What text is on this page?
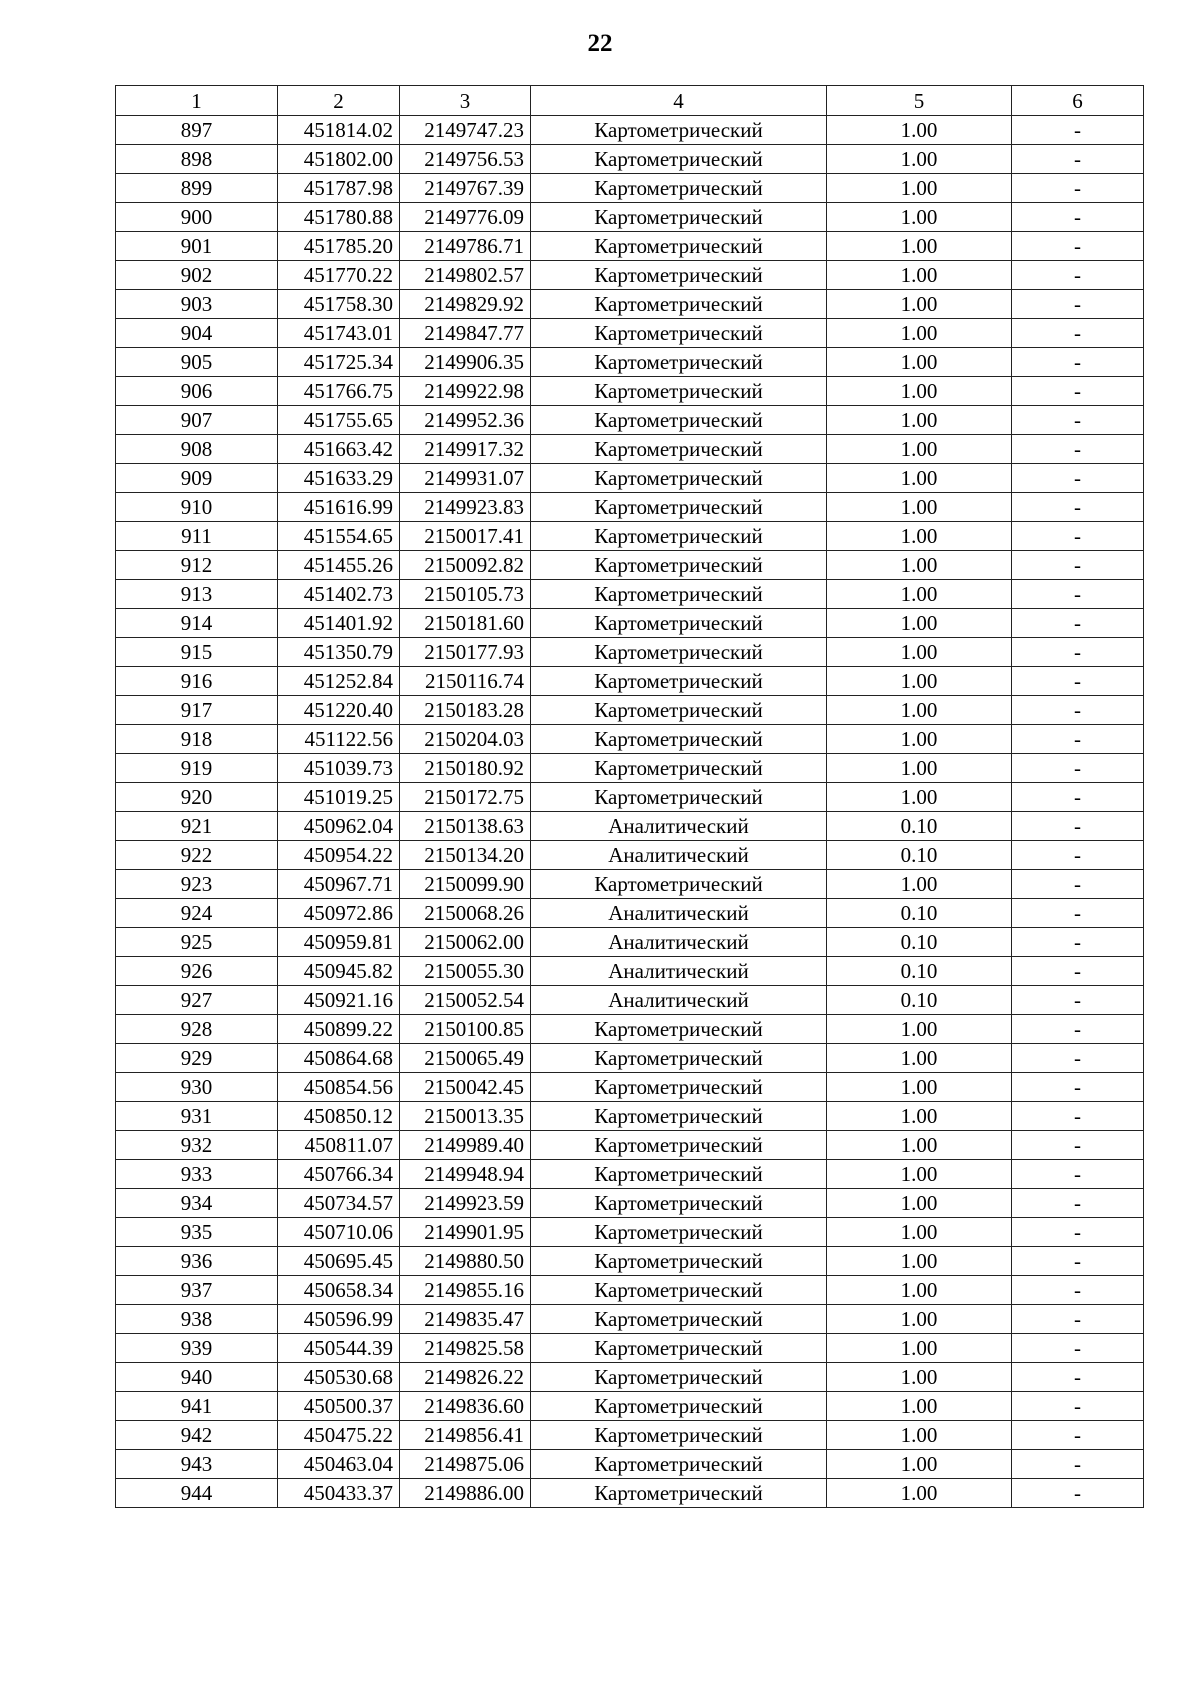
22
1	2	3	4	5	6
897	451814.02	2149747.23	Картометрический	1.00	-
898	451802.00	2149756.53	Картометрический	1.00	-
899	451787.98	2149767.39	Картометрический	1.00	-
900	451780.88	2149776.09	Картометрический	1.00	-
901	451785.20	2149786.71	Картометрический	1.00	-
902	451770.22	2149802.57	Картометрический	1.00	-
903	451758.30	2149829.92	Картометрический	1.00	-
904	451743.01	2149847.77	Картометрический	1.00	-
905	451725.34	2149906.35	Картометрический	1.00	-
906	451766.75	2149922.98	Картометрический	1.00	-
907	451755.65	2149952.36	Картометрический	1.00	-
908	451663.42	2149917.32	Картометрический	1.00	-
909	451633.29	2149931.07	Картометрический	1.00	-
910	451616.99	2149923.83	Картометрический	1.00	-
911	451554.65	2150017.41	Картометрический	1.00	-
912	451455.26	2150092.82	Картометрический	1.00	-
913	451402.73	2150105.73	Картометрический	1.00	-
914	451401.92	2150181.60	Картометрический	1.00	-
915	451350.79	2150177.93	Картометрический	1.00	-
916	451252.84	2150116.74	Картометрический	1.00	-
917	451220.40	2150183.28	Картометрический	1.00	-
918	451122.56	2150204.03	Картометрический	1.00	-
919	451039.73	2150180.92	Картометрический	1.00	-
920	451019.25	2150172.75	Картометрический	1.00	-
921	450962.04	2150138.63	Аналитический	0.10	-
922	450954.22	2150134.20	Аналитический	0.10	-
923	450967.71	2150099.90	Картометрический	1.00	-
924	450972.86	2150068.26	Аналитический	0.10	-
925	450959.81	2150062.00	Аналитический	0.10	-
926	450945.82	2150055.30	Аналитический	0.10	-
927	450921.16	2150052.54	Аналитический	0.10	-
928	450899.22	2150100.85	Картометрический	1.00	-
929	450864.68	2150065.49	Картометрический	1.00	-
930	450854.56	2150042.45	Картометрический	1.00	-
931	450850.12	2150013.35	Картометрический	1.00	-
932	450811.07	2149989.40	Картометрический	1.00	-
933	450766.34	2149948.94	Картометрический	1.00	-
934	450734.57	2149923.59	Картометрический	1.00	-
935	450710.06	2149901.95	Картометрический	1.00	-
936	450695.45	2149880.50	Картометрический	1.00	-
937	450658.34	2149855.16	Картометрический	1.00	-
938	450596.99	2149835.47	Картометрический	1.00	-
939	450544.39	2149825.58	Картометрический	1.00	-
940	450530.68	2149826.22	Картометрический	1.00	-
941	450500.37	2149836.60	Картометрический	1.00	-
942	450475.22	2149856.41	Картометрический	1.00	-
943	450463.04	2149875.06	Картометрический	1.00	-
944	450433.37	2149886.00	Картометрический	1.00	-
